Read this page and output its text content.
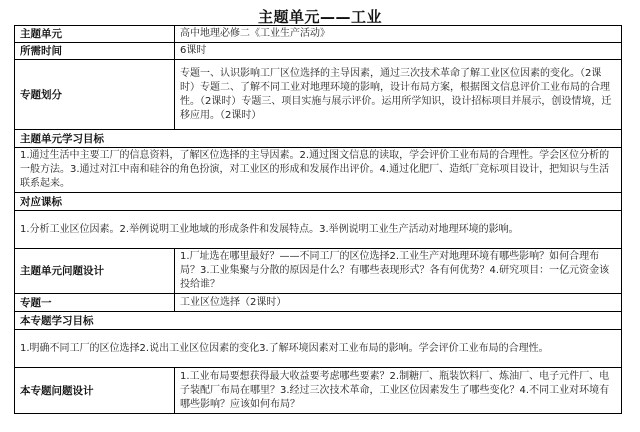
主题单元——工业
主题单元	高中地理必修二《工业生产活动》
所需时间	6课时
专题划分	专题一、认识影响工厂区位选择的主导因素，通过三次技术革命了解工业区位因素的变化。（2课时）专题二、了解不同工业对地理环境的影响，设计布局方案，根据图文信息评价工业布局的合理性。（2课时）专题三、项目实施与展示评价。运用所学知识，设计招标项目并展示，创设情境，迁移应用。（2课时）
主题单元学习目标	
1.通过生活中主要工厂的信息资料，了解区位选择的主导因素。2.通过图文信息的读取，学会评价工业布局的合理性。学会区位分析的一般方法。3.通过对江中南和硅谷的角色扮演，对工业区的形成和发展作出评价。4.通过化肥厂、造纸厂竞标项目设计，把知识与生活联系起来。	
对应课标	
1.分析工业区位因素。2.举例说明工业地域的形成条件和发展特点。3.举例说明工业生产活动对地理环境的影响。	
主题单元问题设计	1.厂址选在哪里最好？——不同工厂的区位选择2.工业生产对地理环境有哪些影响？如何合理布局？3.工业集聚与分散的原因是什么？有哪些表现形式？各有何优势？4.研究项目：一亿元资金该投给谁？
专题一	工业区位选择（2课时）
本专题学习目标	
1.明确不同工厂的区位选择2.说出工业区位因素的变化3.了解环境因素对工业布局的影响。学会评价工业布局的合理性。	
本专题问题设计	1.工业布局要想获得最大收益要考虑哪些要素？2.制糖厂、瓶装饮料厂、炼油厂、电子元件厂、电子装配厂布局在哪里？3.经过三次技术革命，工业区位因素发生了哪些变化？4.不同工业对环境有哪些影响？应该如何布局？
